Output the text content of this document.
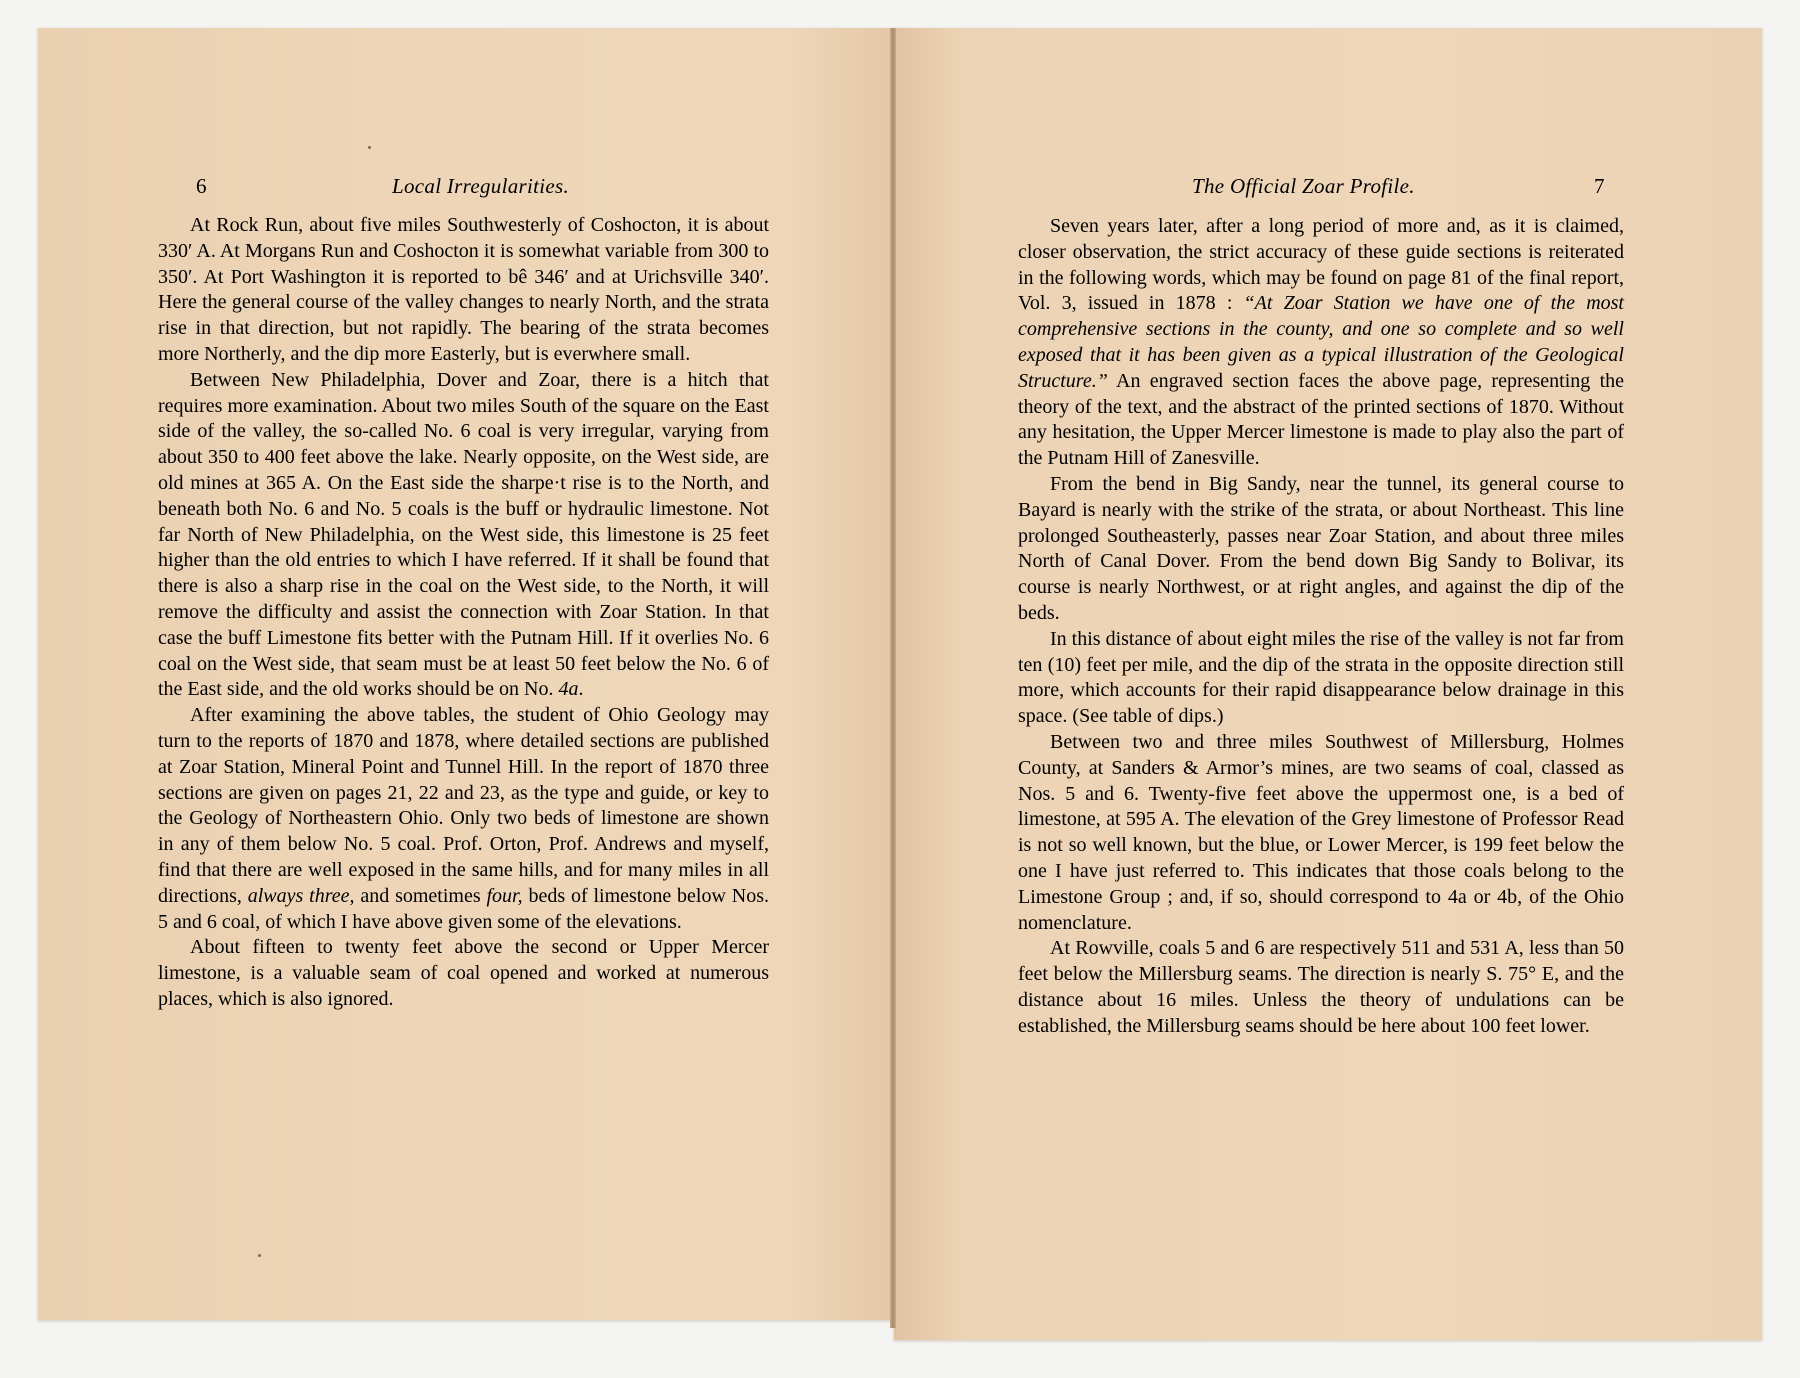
6	Local Irregularities.	The Official Zoar Profile.	7

At Rock Run, about five miles Southwesterly of Coshocton, it is about 330′ A. At Morgans Run and Coshocton it is somewhat variable from 300 to 350′. At Port Washington it is reported to bê 346′ and at Urichsville 340′. Here the general course of the valley changes to nearly North, and the strata rise in that direction, but not rapidly. The bearing of the strata becomes more Northerly, and the dip more Easterly, but is everwhere small.

Between New Philadelphia, Dover and Zoar, there is a hitch that requires more examination. About two miles South of the square on the East side of the valley, the so-called No. 6 coal is very irregular, varying from about 350 to 400 feet above the lake. Nearly opposite, on the West side, are old mines at 365 A. On the East side the sharpe·t rise is to the North, and beneath both No. 6 and No. 5 coals is the buff or hydraulic limestone. Not far North of New Philadelphia, on the West side, this limestone is 25 feet higher than the old entries to which I have referred. If it shall be found that there is also a sharp rise in the coal on the West side, to the North, it will remove the difficulty and assist the connection with Zoar Station. In that case the buff Limestone fits better with the Putnam Hill. If it overlies No. 6 coal on the West side, that seam must be at least 50 feet below the No. 6 of the East side, and the old works should be on No. 4a.

After examining the above tables, the student of Ohio Geology may turn to the reports of 1870 and 1878, where detailed sections are published at Zoar Station, Mineral Point and Tunnel Hill. In the report of 1870 three sections are given on pages 21, 22 and 23, as the type and guide, or key to the Geology of Northeastern Ohio. Only two beds of limestone are shown in any of them below No. 5 coal. Prof. Orton, Prof. Andrews and myself, find that there are well exposed in the same hills, and for many miles in all directions, always three, and sometimes four, beds of limestone below Nos. 5 and 6 coal, of which I have above given some of the elevations.

About fifteen to twenty feet above the second or Upper Mercer limestone, is a valuable seam of coal opened and worked at numerous places, which is also ignored.

Seven years later, after a long period of more and, as it is claimed, closer observation, the strict accuracy of these guide sections is reiterated in the following words, which may be found on page 81 of the final report, Vol. 3, issued in 1878 : “At Zoar Station we have one of the most comprehensive sections in the county, and one so complete and so well exposed that it has been given as a typical illustration of the Geological Structure.” An engraved section faces the above page, representing the theory of the text, and the abstract of the printed sections of 1870. Without any hesitation, the Upper Mercer limestone is made to play also the part of the Putnam Hill of Zanesville.

From the bend in Big Sandy, near the tunnel, its general course to Bayard is nearly with the strike of the strata, or about Northeast. This line prolonged Southeasterly, passes near Zoar Station, and about three miles North of Canal Dover. From the bend down Big Sandy to Bolivar, its course is nearly Northwest, or at right angles, and against the dip of the beds.

In this distance of about eight miles the rise of the valley is not far from ten (10) feet per mile, and the dip of the strata in the opposite direction still more, which accounts for their rapid disappearance below drainage in this space. (See table of dips.)

Between two and three miles Southwest of Millersburg, Holmes County, at Sanders & Armor’s mines, are two seams of coal, classed as Nos. 5 and 6. Twenty-five feet above the uppermost one, is a bed of limestone, at 595 A. The elevation of the Grey limestone of Professor Read is not so well known, but the blue, or Lower Mercer, is 199 feet below the one I have just referred to. This indicates that those coals belong to the Limestone Group ; and, if so, should correspond to 4a or 4b, of the Ohio nomenclature.

At Rowville, coals 5 and 6 are respectively 511 and 531 A, less than 50 feet below the Millersburg seams. The direction is nearly S. 75° E, and the distance about 16 miles. Unless the theory of undulations can be established, the Millersburg seams should be here about 100 feet lower.
